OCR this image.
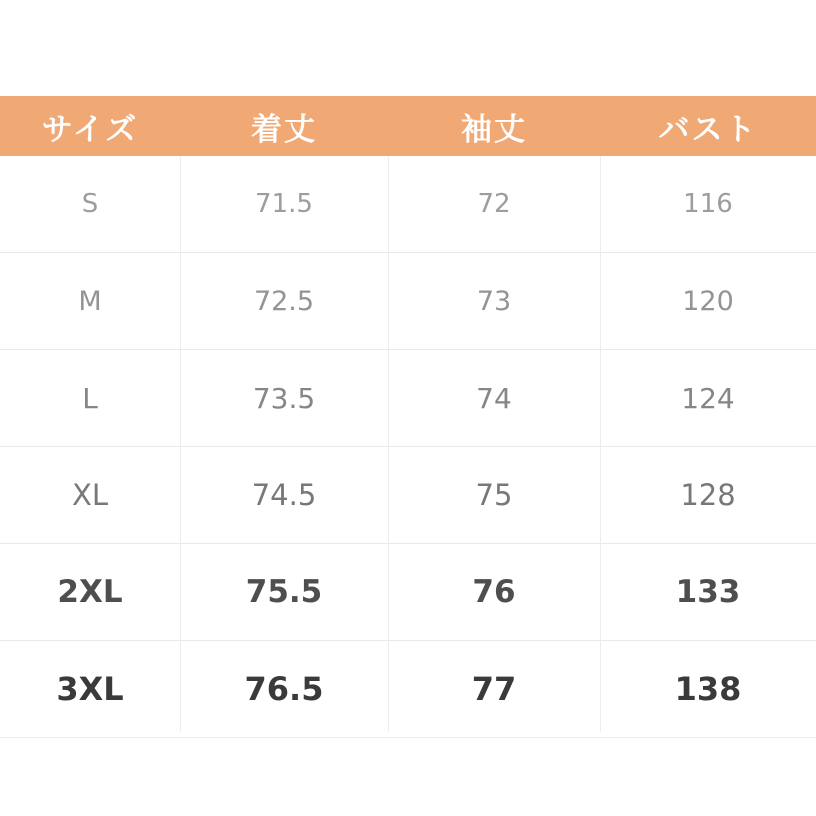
サイズ	着丈	袖丈	バスト
S	71.5	72	116
M	72.5	73	120
L	73.5	74	124
XL	74.5	75	128
2XL	75.5	76	133
3XL	76.5	77	138
